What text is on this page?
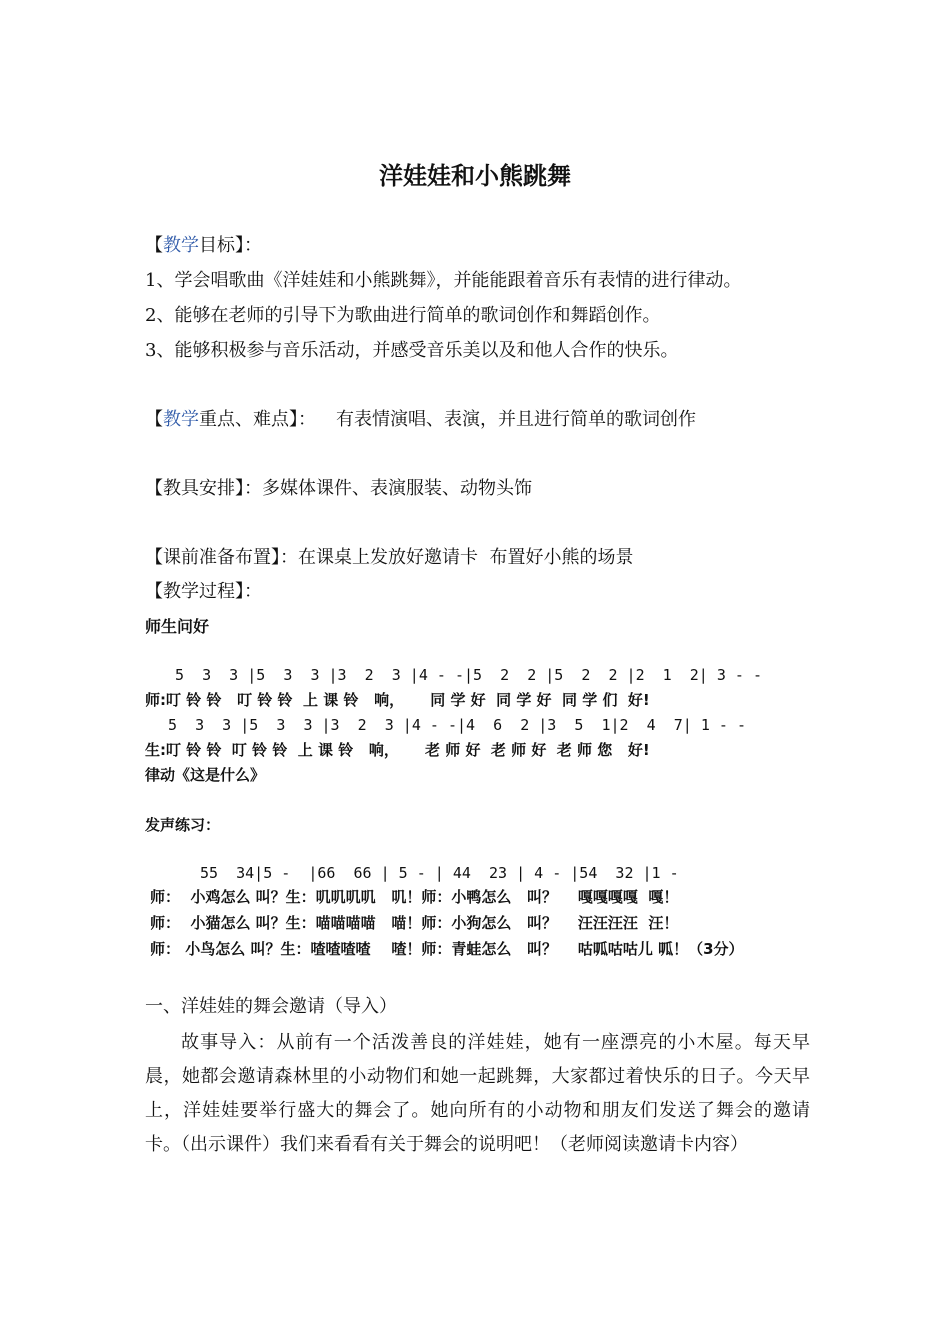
洋娃娃和小熊跳舞
【教学目标】：
1、学会唱歌曲《洋娃娃和小熊跳舞》，并能能跟着音乐有表情的进行律动。
2、能够在老师的引导下为歌曲进行简单的歌词创作和舞蹈创作。
3、能够积极参与音乐活动，并感受音乐美以及和他人合作的快乐。
【教学重点、难点】： 有表情演唱、表演，并且进行简单的歌词创作
【教具安排】：多媒体课件、表演服装、动物头饰
【课前准备布置】：在课桌上发放好邀请卡  布置好小熊的场景
【教学过程】：
师生问好
5  3  3 |5  3  3 |3  2  3 |4 - -|5  2  2 |5  2  2 |2  1  2| 3 - -
师:叮 铃 铃   叮 铃 铃  上 课 铃   响，     同 学 好  同 学 好  同 学 们  好!
5  3  3 |5  3  3 |3  2  3 |4 - -|4  6  2 |3  5  1|2  4  7| 1 - -
生:叮 铃 铃  叮 铃 铃  上 课 铃   响，     老 师 好  老 师 好  老 师 您   好!
律动《这是什么》
发声练习：
55  34|5 -  |66  66 | 5 - | 44  23 | 4 - |54  32 |1 -
师：  小鸡怎么 叫？生：叽叽叽叽   叽！师：小鸭怎么   叫？    嘎嘎嘎嘎  嘎！
师：  小猫怎么 叫？生：喵喵喵喵   喵！师：小狗怎么   叫？    汪汪汪汪  汪！
师： 小鸟怎么 叫？生：喳喳喳喳    喳！师：青蛙怎么   叫？    咕呱咕咕儿 呱！（3分）
一、洋娃娃的舞会邀请（导入）
故事导入：从前有一个活泼善良的洋娃娃，她有一座漂亮的小木屋。每天早晨，她都会邀请森林里的小动物们和她一起跳舞，大家都过着快乐的日子。今天早上，洋娃娃要举行盛大的舞会了。她向所有的小动物和朋友们发送了舞会的邀请卡。（出示课件）我们来看看有关于舞会的说明吧！（老师阅读邀请卡内容）
